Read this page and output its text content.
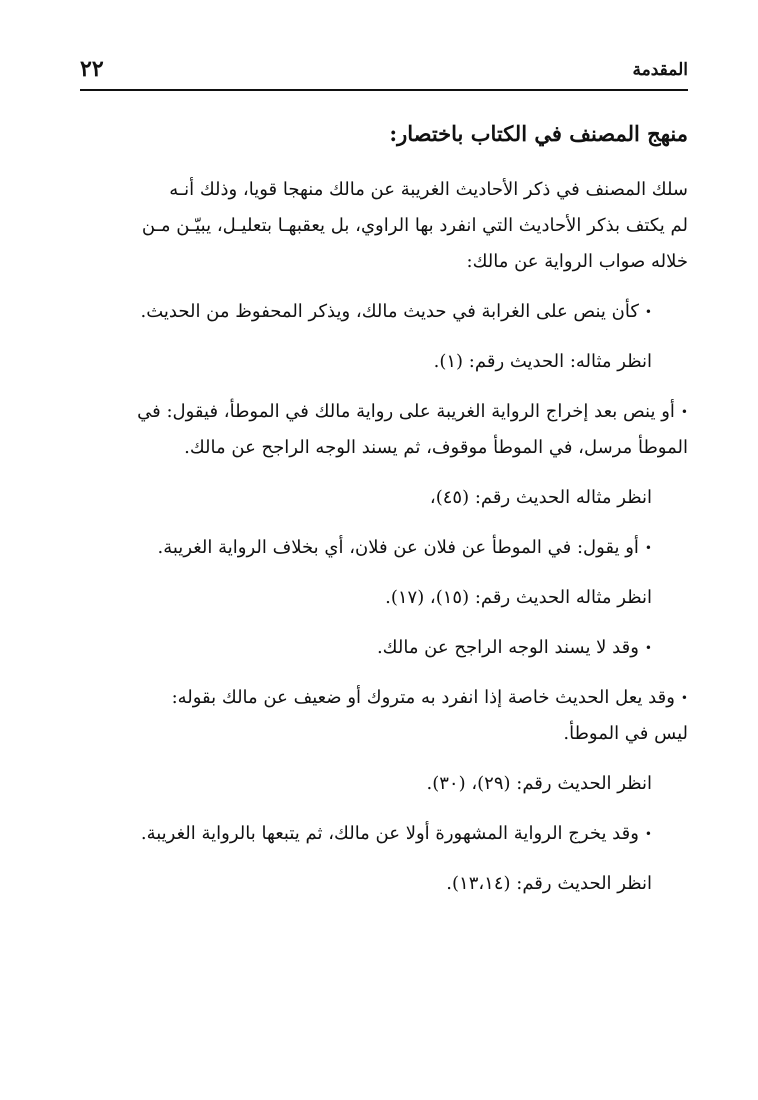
المقدمة
٢٢
منهج المصنف في الكتاب باختصار:
سلك المصنف في ذكر الأحاديث الغريبة عن مالك منهجا قويا، وذلك أنـه
لم يكتف بذكر الأحاديث التي انفرد بها الراوي، بل يعقبهـا بتعليـل، يبيّـن مـن
خلاله صواب الرواية عن مالك:
•كأن ينص على الغرابة في حديث مالك، ويذكر المحفوظ من الحديث.
انظر مثاله: الحديث رقم: (١).
•أو ينص بعد إخراج الرواية الغريبة على رواية مالك في الموطأ، فيقول: في
الموطأ مرسل، في الموطأ موقوف، ثم يسند الوجه الراجح عن مالك.
انظر مثاله الحديث رقم: (٤٥)،
•أو يقول: في الموطأ عن فلان عن فلان، أي بخلاف الرواية الغريبة.
انظر مثاله الحديث رقم: (١٥)، (١٧).
•وقد لا يسند الوجه الراجح عن مالك.
•وقد يعل الحديث خاصة إذا انفرد به متروك أو ضعيف عن مالك بقوله:
ليس في الموطأ.
انظر الحديث رقم: (٢٩)، (٣٠).
•وقد يخرج الرواية المشهورة أولا عن مالك، ثم يتبعها بالرواية الغريبة.
انظر الحديث رقم: (١٣،١٤).
